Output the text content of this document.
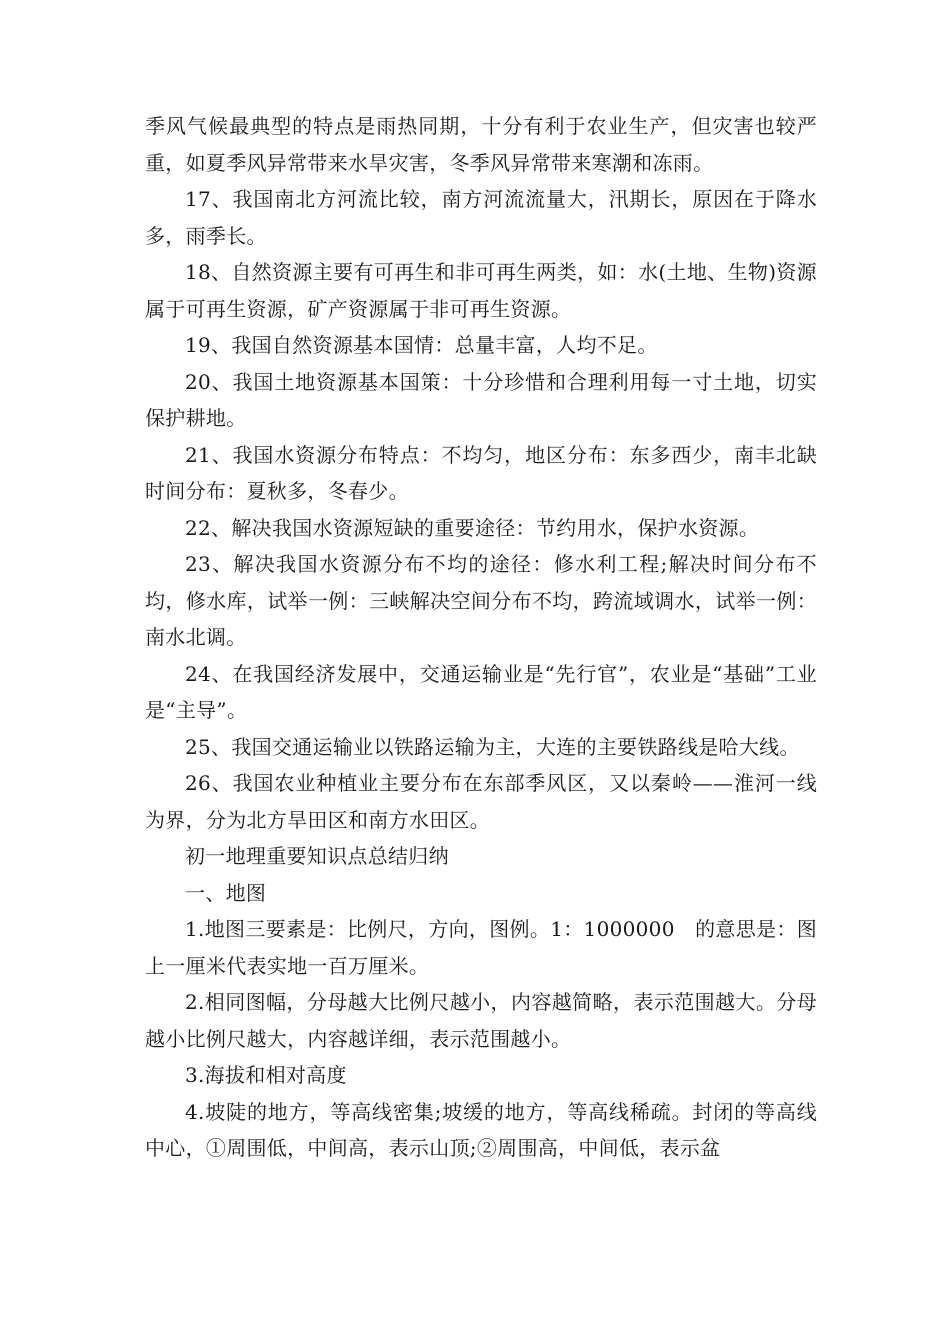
季风气候最典型的特点是雨热同期，十分有利于农业生产，但灾害也较严重，如夏季风异常带来水旱灾害，冬季风异常带来寒潮和冻雨。

17、我国南北方河流比较，南方河流流量大，汛期长，原因在于降水多，雨季长。

18、自然资源主要有可再生和非可再生两类，如：水(土地、生物)资源属于可再生资源，矿产资源属于非可再生资源。

19、我国自然资源基本国情：总量丰富，人均不足。

20、我国土地资源基本国策：十分珍惜和合理利用每一寸土地，切实保护耕地。

21、我国水资源分布特点：不均匀，地区分布：东多西少，南丰北缺时间分布：夏秋多，冬春少。

22、解决我国水资源短缺的重要途径：节约用水，保护水资源。

23、解决我国水资源分布不均的途径：修水利工程;解决时间分布不均，修水库，试举一例：三峡解决空间分布不均，跨流域调水，试举一例：南水北调。

24、在我国经济发展中，交通运输业是“先行官”，农业是“基础”工业是“主导”。

25、我国交通运输业以铁路运输为主，大连的主要铁路线是哈大线。

26、我国农业种植业主要分布在东部季风区，又以秦岭——淮河一线为界，分为北方旱田区和南方水田区。

初一地理重要知识点总结归纳

一、地图

1.地图三要素是：比例尺，方向，图例。1：1000000　的意思是：图上一厘米代表实地一百万厘米。

2.相同图幅，分母越大比例尺越小，内容越简略，表示范围越大。分母越小比例尺越大，内容越详细，表示范围越小。

3.海拔和相对高度

4.坡陡的地方，等高线密集;坡缓的地方，等高线稀疏。封闭的等高线中心，①周围低，中间高，表示山顶;②周围高，中间低，表示盆
